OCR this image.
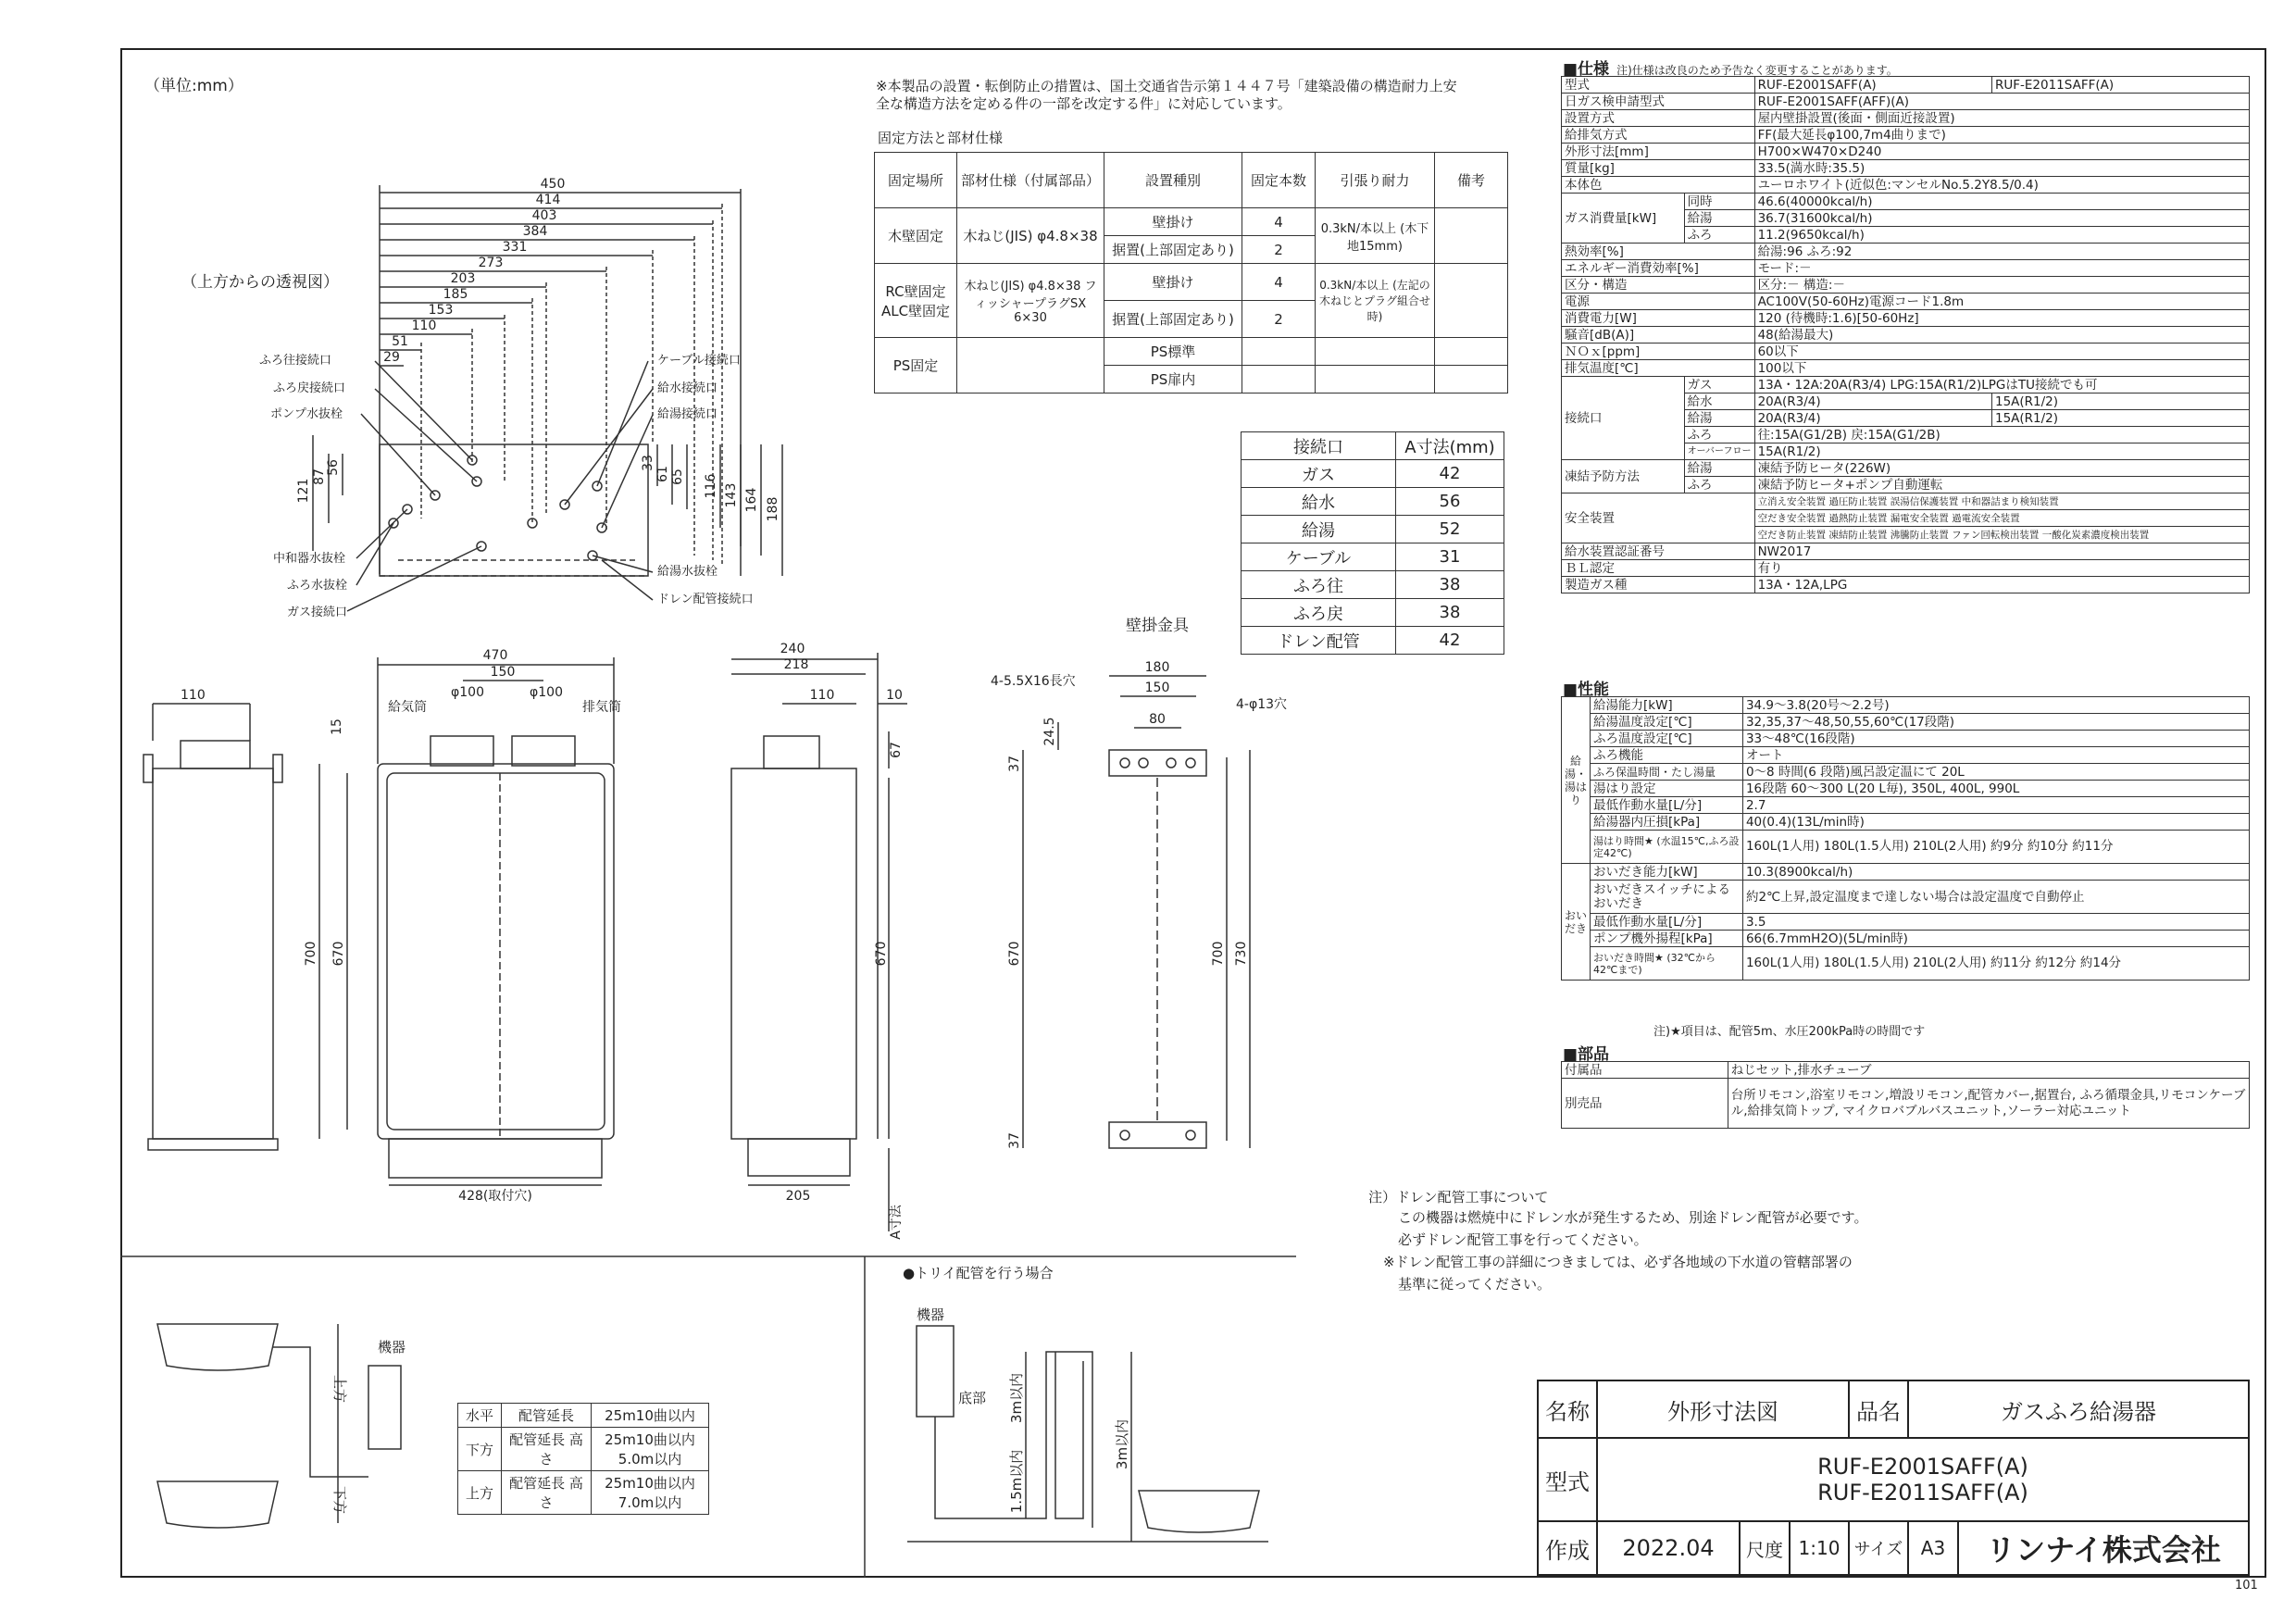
（単位:mm）
（上方からの透視図）
※本製品の設置・転倒防止の措置は、国土交通省告示第１４４７号「建築設備の構造耐力上安全な構造方法を定める件の一部を改定する件」に対応しています。
固定方法と部材仕様
固定場所	部材仕様（付属部品）	設置種別	固定本数	引張り耐力	備考
木壁固定	木ねじ(JIS) φ4.8×38	壁掛け	4	0.3kN/本以上 (木下地15mm)	
		据置(上部固定あり)	2		
RC壁固定 ALC壁固定	木ねじ(JIS) φ4.8×38 フィッシャープラグSX 6×30	壁掛け	4	0.3kN/本以上 (左記の木ねじとプラグ組合せ時)	
		据置(上部固定あり)	2		
PS固定		PS標準			
		PS扉内			
接続口	A寸法(mm)
ガス	42
給水	56
給湯	52
ケーブル	31
ふろ往	38
ふろ戻	38
ドレン配管	42
450
414
403
384
331
273
203
185
153
110
51
29
121
87
56	33
61 65 116 143 164 188
ふろ往接続口
ふろ戻接続口
ポンプ水抜栓
中和器水抜栓
ふろ水抜栓
ガス接続口
ケーブル接続口
給水接続口
給湯接続口
給湯水抜栓
ドレン配管接続口
110
470
150
φ100	φ100
給気筒	排気筒
700 670
15
428(取付穴)
240
218
110	10
670
67
205
A寸法
壁掛金具
4-5.5X16長穴
4-φ13穴
180
150
80
24.5
37
670
37
700 730
機器
上方
下方
●トリイ配管を行う場合
機器
底部 3m以内
1.5m以内
3m以内
水平	配管延長	25m10曲以内
下方	配管延長 高 さ	25m10曲以内 5.0m以内
上方	配管延長 高 さ	25m10曲以内 7.0m以内
注）ドレン配管工事について
この機器は燃焼中にドレン水が発生するため、別途ドレン配管が必要です。
必ずドレン配管工事を行ってください。
※ドレン配管工事の詳細につきましては、必ず各地域の下水道の管轄部署の
基準に従ってください。
■仕様 注)仕様は改良のため予告なく変更することがあります。
型式		RUF-E2001SAFF(A)	RUF-E2011SAFF(A)
日ガス検申請型式		RUF-E2001SAFF(AFF)(A)	
設置方式		屋内壁掛設置(後面・側面近接設置)	
給排気方式		FF(最大延長φ100,7m4曲りまで)	
外形寸法[mm]		H700×W470×D240	
質量[kg]		33.5(満水時:35.5)	
本体色		ユーロホワイト(近似色:マンセルNo.5.2Y8.5/0.4)	
ガス消費量[kW]	同時	46.6(40000kcal/h)	
	給湯	36.7(31600kcal/h)	
	ふろ	11.2(9650kcal/h)	
熱効率[%]		給湯:96 ふろ:92	
エネルギー消費効率[%]		モード:－	
区分・構造		区分:－ 構造:－	
電源		AC100V(50-60Hz)電源コード1.8m	
消費電力[W]		120 (待機時:1.6)[50-60Hz]	
騒音[dB(A)]		48(給湯最大)	
ＮＯｘ[ppm]		60以下	
排気温度[℃]		100以下	
接続口	ガス	13A・12A:20A(R3/4) LPG:15A(R1/2)LPGはTU接続でも可	
	給水	20A(R3/4)	15A(R1/2)
	給湯	20A(R3/4)	15A(R1/2)
	ふろ	往:15A(G1/2B) 戻:15A(G1/2B)	
	オーバーフロー	15A(R1/2)	
凍結予防方法	給湯	凍結予防ヒータ(226W)	
	ふろ	凍結予防ヒータ+ポンプ自動運転	
安全装置		立消え安全装置 過圧防止装置 誤湯信保護装置 中和器詰まり検知装置	
		空だき安全装置 過熱防止装置 漏電安全装置 過電流安全装置	
		空だき防止装置 凍結防止装置 沸騰防止装置 ファン回転検出装置 一酸化炭素濃度検出装置	
給水装置認証番号		NW2017	
ＢＬ認定		有り	
製造ガス種		13A・12A,LPG	
■性能
給湯・湯はり	給湯能力[kW]	34.9～3.8(20号～2.2号)
	給湯温度設定[℃]	32,35,37～48,50,55,60℃(17段階)
	ふろ温度設定[℃]	33～48℃(16段階)
	ふろ機能	オート
	ふろ保温時間・たし湯量	0～8 時間(6 段階)風呂設定温にて 20L
	湯はり設定	16段階 60～300 L(20 L毎), 350L, 400L, 990L
	最低作動水量[L/分]	2.7
	給湯器内圧損[kPa]	40(0.4)(13L/min時)
	湯はり時間★ (水温15℃,ふろ設定42℃)	160L(1人用) 180L(1.5人用) 210L(2人用) 約9分 約10分 約11分
おいだき	おいだき能力[kW]	10.3(8900kcal/h)
	おいだきスイッチによるおいだき	約2℃上昇,設定温度まで達しない場合は設定温度で自動停止
	最低作動水量[L/分]	3.5
	ポンプ機外揚程[kPa]	66(6.7mmH2O)(5L/min時)
	おいだき時間★ (32℃から42℃まで)	160L(1人用) 180L(1.5人用) 210L(2人用) 約11分 約12分 約14分
注)★項目は、配管5m、水圧200kPa時の時間です
■部品
付属品	ねじセット,排水チューブ
別売品	台所リモコン,浴室リモコン,増設リモコン,配管カバー,据置台, ふろ循環金具,リモコンケーブル,給排気筒トップ, マイクロバブルバスユニット,ソーラー対応ユニット
名称	外形寸法図			品名	ガスふろ給湯器	
型式	RUF-E2001SAFF(A)
RUF-E2011SAFF(A)					

作成	2022.04	尺度	1:10	サイズ	A3	リンナイ株式会社
101
